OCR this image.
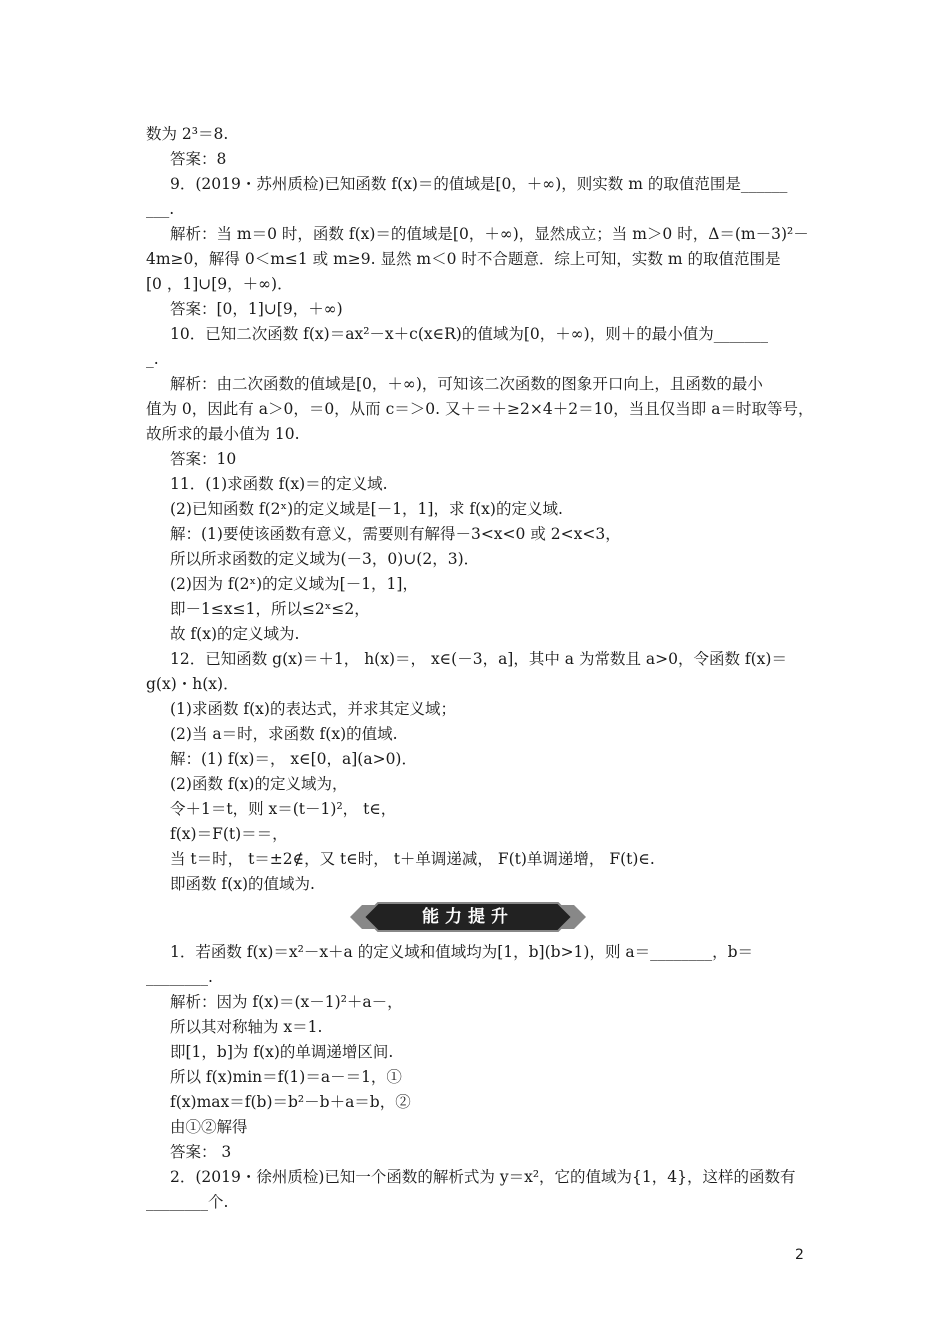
数为 2³＝8.
答案：8
9．(2019・苏州质检)已知函数 f(x)＝的值域是[0，＋∞)，则实数 m 的取值范围是______
___.
解析：当 m＝0 时，函数 f(x)＝的值域是[0，＋∞)，显然成立；当 m＞0 时，Δ＝(m－3)²－
4m≥0，解得 0＜m≤1 或 m≥9. 显然 m＜0 时不合题意．综上可知，实数 m 的取值范围是
[0 ，1]∪[9，＋∞)．
答案：[0，1]∪[9，＋∞)
10．已知二次函数 f(x)＝ax²－x＋c(x∈R)的值域为[0，＋∞)，则＋的最小值为_______
_.
解析：由二次函数的值域是[0，＋∞)，可知该二次函数的图象开口向上，且函数的最小
值为 0，因此有 a＞0，＝0，从而 c＝＞0. 又＋＝＋≥2×4＋2＝10，当且仅当即 a＝时取等号，
故所求的最小值为 10.
答案：10
11．(1)求函数 f(x)＝的定义域.
(2)已知函数 f(2ˣ)的定义域是[－1，1]，求 f(x)的定义域.
解：(1)要使该函数有意义，需要则有解得－3<x<0 或 2<x<3，
所以所求函数的定义域为(－3，0)∪(2，3)．
(2)因为 f(2ˣ)的定义域为[－1，1]，
即－1≤x≤1，所以≤2ˣ≤2，
故 f(x)的定义域为.
12．已知函数 g(x)＝＋1， h(x)＝， x∈(－3，a]，其中 a 为常数且 a>0，令函数 f(x)＝
g(x)・h(x)．
(1)求函数 f(x)的表达式，并求其定义域；
(2)当 a＝时，求函数 f(x)的值域.
解：(1) f(x)＝， x∈[0，a](a>0)．
(2)函数 f(x)的定义域为，
令＋1＝t，则 x＝(t－1)²， t∈，
f(x)＝F(t)＝＝，
当 t＝时， t＝±2∉，又 t∈时， t＋单调递减， F(t)单调递增， F(t)∈.
即函数 f(x)的值域为.
能力提升
1．若函数 f(x)＝x²－x＋a 的定义域和值域均为[1，b](b>1)，则 a＝________，b＝
________.
解析：因为 f(x)＝(x－1)²＋a－，
所以其对称轴为 x＝1.
即[1，b]为 f(x)的单调递增区间.
所以 f(x)min＝f(1)＝a－＝1，①
f(x)max＝f(b)＝b²－b＋a＝b，②
由①②解得
答案： 3
2．(2019・徐州质检)已知一个函数的解析式为 y＝x²，它的值域为{1，4}，这样的函数有
________个.
2
